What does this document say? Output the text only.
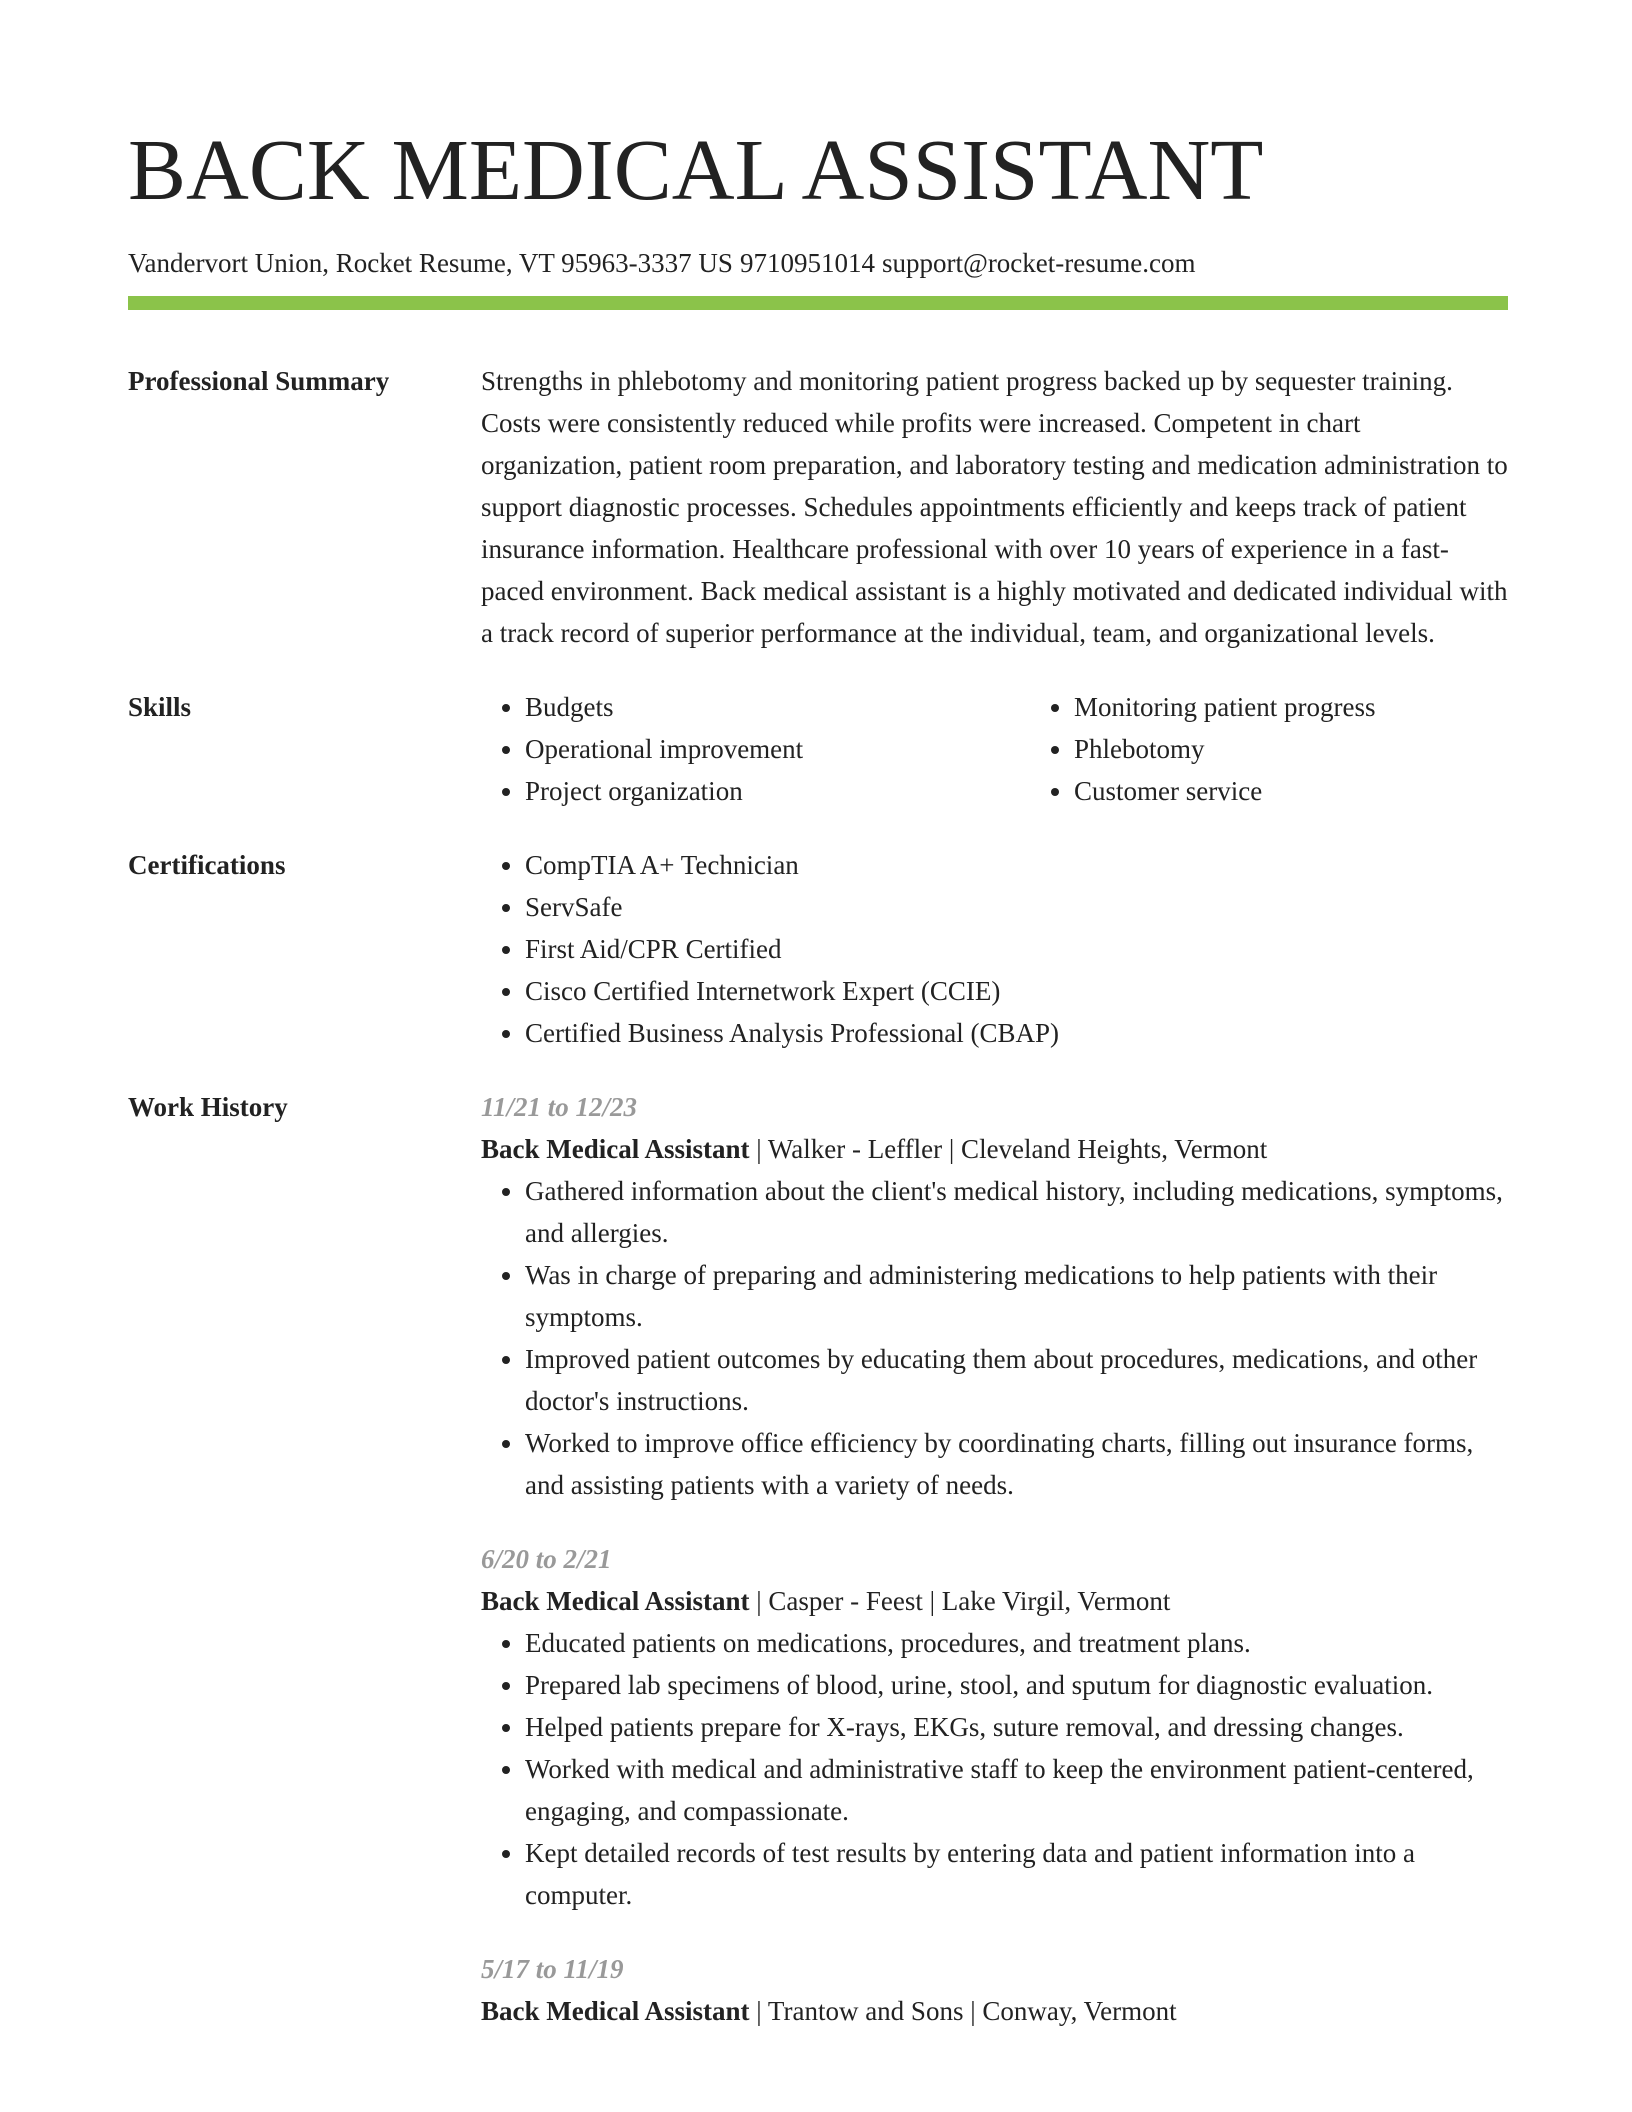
BACK MEDICAL ASSISTANT
Vandervort Union, Rocket Resume, VT 95963-3337 US 9710951014 support@rocket-resume.com
Professional Summary	Strengths in phlebotomy and monitoring patient progress backed up by sequester training. Costs were consistently reduced while profits were increased. Competent in chart organization, patient room preparation, and laboratory testing and medication administration to support diagnostic processes. Schedules appointments efficiently and keeps track of patient insurance information. Healthcare professional with over 10 years of experience in a fast-paced environment. Back medical assistant is a highly motivated and dedicated individual with a track record of superior performance at the individual, team, and organizational levels.

Skills	• Budgets
• Operational improvement
• Project organization
• Monitoring patient progress
• Phlebotomy
• Customer service
Certifications	• CompTIA A+ Technician
• ServSafe
• First Aid/CPR Certified
• Cisco Certified Internetwork Expert (CCIE)
• Certified Business Analysis Professional (CBAP)
Work History	11/21 to 12/23
Back Medical Assistant | Walker - Leffler | Cleveland Heights, Vermont
• Gathered information about the client's medical history, including medications, symptoms, and allergies.
• Was in charge of preparing and administering medications to help patients with their symptoms.
• Improved patient outcomes by educating them about procedures, medications, and other doctor's instructions.
• Worked to improve office efficiency by coordinating charts, filling out insurance forms, and assisting patients with a variety of needs.
6/20 to 2/21
Back Medical Assistant | Casper - Feest | Lake Virgil, Vermont
• Educated patients on medications, procedures, and treatment plans.
• Prepared lab specimens of blood, urine, stool, and sputum for diagnostic evaluation.
• Helped patients prepare for X-rays, EKGs, suture removal, and dressing changes.
• Worked with medical and administrative staff to keep the environment patient-centered, engaging, and compassionate.
• Kept detailed records of test results by entering data and patient information into a computer.
5/17 to 11/19
Back Medical Assistant | Trantow and Sons | Conway, Vermont
